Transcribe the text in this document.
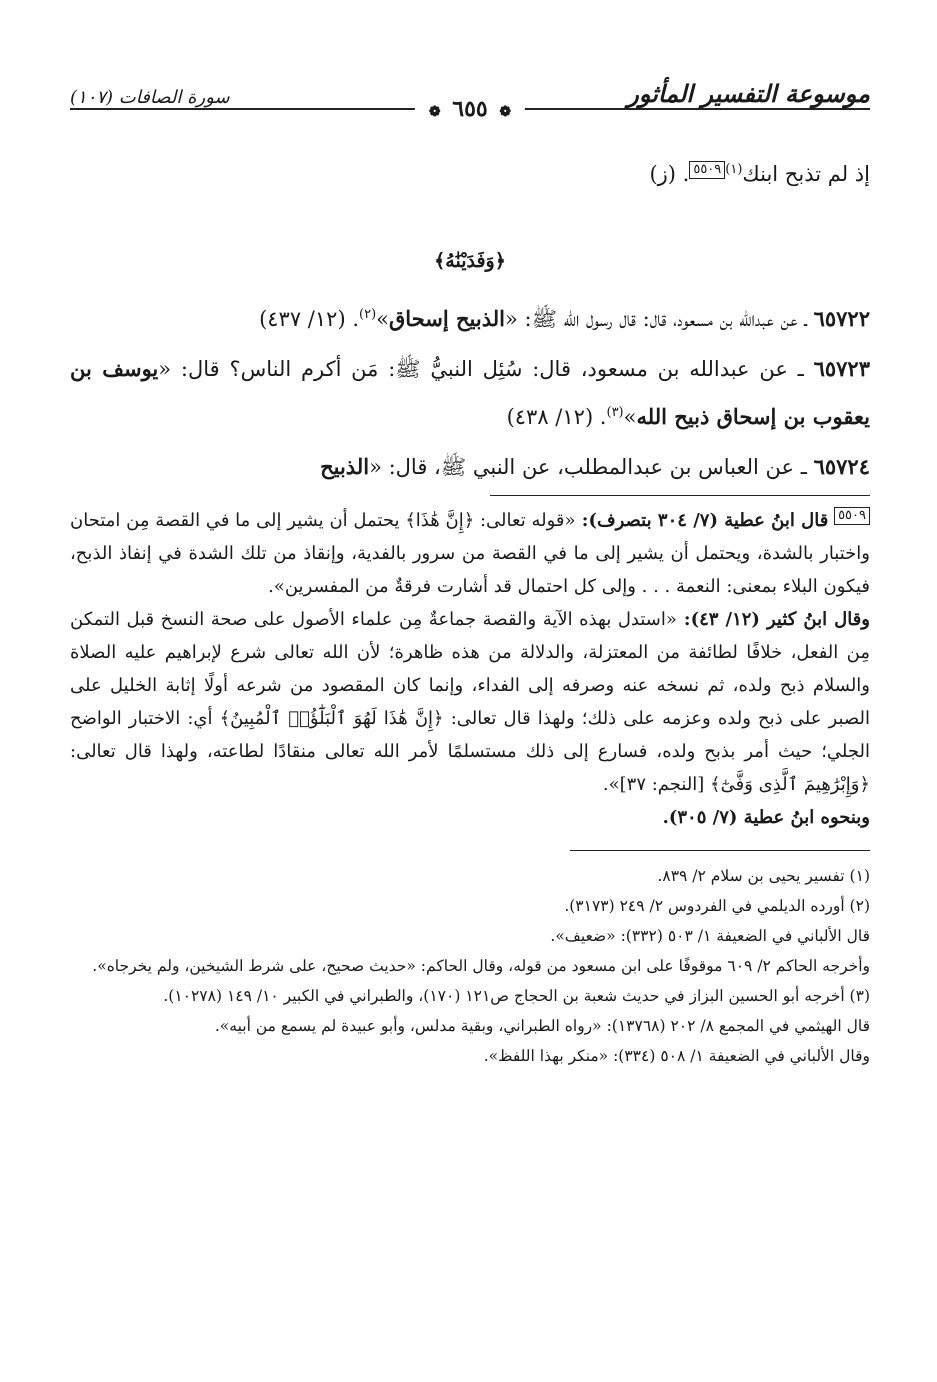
موسوعة التفسير المأثور
سورة الصافات (١٠٧)
❁ ٦٥٥ ❁
إذ لم تذبح ابنك$^{(١)}$٥٥٠٩. (ز)
﴿وَفَدَيْنَٰهُ﴾
٦٥٧٢٢ ـ عن عبدالله بن مسعود، قال: قال رسول الله ﷺ: «الذبيح إسحاق»$^{(٢)}$. (١٢/ ٤٣٧)
٦٥٧٢٣ ـ عن عبدالله بن مسعود، قال: سُئِل النبيُّ ﷺ: مَن أكرم الناس؟ قال: «يوسف بن يعقوب بن إسحاق ذبيح الله»$^{(٣)}$. (١٢/ ٤٣٨)
٦٥٧٢٤ ـ عن العباس بن عبدالمطلب، عن النبي ﷺ، قال: «الذبيح

٥٥٠٩ قال ابنُ عطية (٧/ ٣٠٤ بتصرف): «قوله تعالى: ﴿إِنَّ هَٰذَا﴾ يحتمل أن يشير إلى ما في القصة مِن امتحان واختبار بالشدة، ويحتمل أن يشير إلى ما في القصة من سرور بالفدية، وإنقاذ من تلك الشدة في إنفاذ الذبح، فيكون البلاء بمعنى: النعمة . . . وإلى كل احتمال قد أشارت فرقةٌ من المفسرين».

وقال ابنُ كثير (١٢/ ٤٣): «استدل بهذه الآية والقصة جماعةٌ مِن علماء الأصول على صحة النسخ قبل التمكن مِن الفعل، خلافًا لطائفة من المعتزلة، والدلالة من هذه ظاهرة؛ لأن الله تعالى شرع لإبراهيم عليه الصلاة والسلام ذبح ولده، ثم نسخه عنه وصرفه إلى الفداء، وإنما كان المقصود من شرعه أولًا إثابة الخليل على الصبر على ذبح ولده وعزمه على ذلك؛ ولهذا قال تعالى: ﴿إِنَّ هَٰذَا لَهُوَ ٱلْبَلَٰٓؤُا۟ ٱلْمُبِينُ﴾ أي: الاختبار الواضح الجلي؛ حيث أمر بذبح ولده، فسارع إلى ذلك مستسلمًا لأمر الله تعالى منقادًا لطاعته، ولهذا قال تعالى: ﴿وَإِبْرَٰهِيمَ ٱلَّذِى وَفَّىٰٓ﴾ [النجم: ٣٧]».

وبنحوه ابنُ عطية (٧/ ٣٠٥).

(١) تفسير يحيى بن سلام ٢/ ٨٣٩.

(٢) أورده الديلمي في الفردوس ٢/ ٢٤٩ (٣١٧٣).

قال الألباني في الضعيفة ١/ ٥٠٣ (٣٣٢): «ضعيف».

وأخرجه الحاكم ٢/ ٦٠٩ موقوفًا على ابن مسعود من قوله، وقال الحاكم: «حديث صحيح، على شرط الشيخين، ولم يخرجاه».

(٣) أخرجه أبو الحسين البزاز في حديث شعبة بن الحجاج ص١٢١ (١٧٠)، والطبراني في الكبير ١٠/ ١٤٩ (١٠٢٧٨).

قال الهيثمي في المجمع ٨/ ٢٠٢ (١٣٧٦٨): «رواه الطبراني، وبقية مدلس، وأبو عبيدة لم يسمع من أبيه».

وقال الألباني في الضعيفة ١/ ٥٠٨ (٣٣٤): «منكر بهذا اللفظ».
